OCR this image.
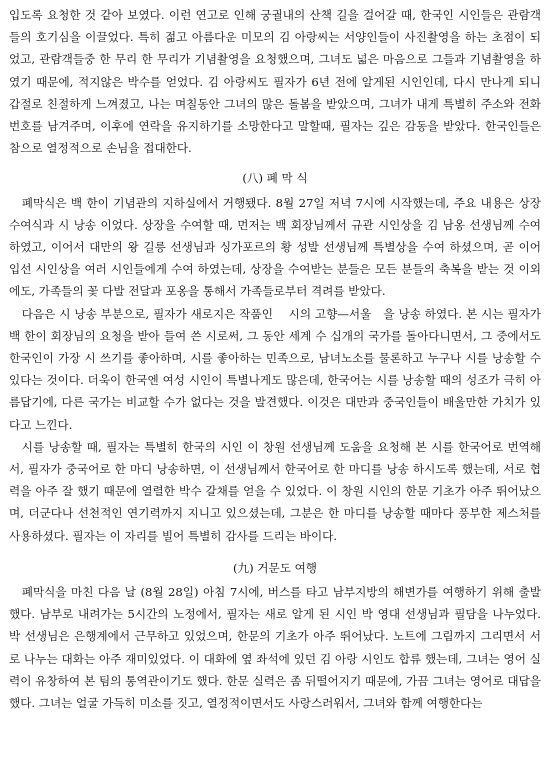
입도록 요청한 것 같아 보였다. 이런 연고로 인해 궁궐내의 산책 길을 걸어갈 때, 한국인 시인들은 관람객들의 호기심을 이끌었다. 특히 젊고 아름다운 미모의 김 아랑씨는 서양인들이 사진촬영을 하는 초점이 되었고, 관람객들중 한 무리 한 무리가 기념촬영을 요청했으며, 그녀도 넓은 마음으로 그들과 기념촬영을 하였기 때문에, 적지않은 박수를 얻었다. 김 아랑씨도 필자가 6년 전에 알게된 시인인데, 다시 만나게 되니 갑절로 친절하게 느껴졌고, 나는 며칠동안 그녀의 많은 돌봄을 받았으며, 그녀가 내게 특별히 주소와 전화번호를 남겨주며, 이후에 연락을 유지하기를 소망한다고 말할때, 필자는 깊은 감동을 받았다. 한국인들은 참으로 열정적으로 손님을 접대한다.

(八) 폐 막 식

폐막식은 백 한이 기념관의 지하실에서 거행됐다. 8월 27일 저녁 7시에 시작했는데, 주요 내용은 상장 수여식과 시 낭송 이었다. 상장을 수여할 때, 먼저는 백 회장님께서 규관 시인상을 김 남옹 선생님께 수여하였고, 이어서 대만의 왕 길릉 선생님과 싱가포르의 황 성발 선생님께 특별상을 수여 하셨으며, 곧 이어 입선 시인상을 여러 시인들에게 수여 하였는데, 상장을 수여받는 분들은 모든 분들의 축복을 받는 것 이외에도, 가족들의 꽃 다발 전달과 포옹을 통해서 가족들로부터 격려를 받았다.

다음은 시 낭송 부분으로, 필자가 새로지은 작품인 　시의 고향—서울　을 낭송 하였다. 본 시는 필자가 백 한이 회장님의 요청을 받아 들여 쓴 시로써, 그 동안 세계 수 십개의 국가를 돌아다니면서, 그 중에서도 한국인이 가장 시 쓰기를 좋아하며, 시를 좋아하는 민족으로, 남녀노소를 물론하고 누구나 시를 낭송할 수 있다는 것이다. 더욱이 한국엔 여성 시인이 특별나게도 많은데, 한국어는 시를 낭송할 때의 성조가 극히 아름답기에, 다른 국가는 비교할 수가 없다는 것을 발견했다. 이것은 대만과 중국인들이 배울만한 가치가 있다고 느낀다.

시를 낭송할 때, 필자는 특별히 한국의 시인 이 창원 선생님께 도움을 요청해 본 시를 한국어로 번역해서, 필자가 중국어로 한 마디 낭송하면, 이 선생님께서 한국어로 한 마디를 낭송 하시도록 했는데, 서로 협력을 아주 잘 했기 때문에 열렬한 박수 갈채를 얻을 수 있었다. 이 창원 시인의 한문 기초가 아주 뛰어났으며, 더군다나 선천적인 연기력까지 지니고 있으셨는데, 그분은 한 마디를 낭송할 때마다 풍부한 제스처를 사용하셨다. 필자는 이 자리를 빌어 특별히 감사를 드리는 바이다.

(九) 거문도 여행

폐막식을 마친 다음 날 (8월 28일) 아침 7시에, 버스를 타고 남부지방의 해변가를 여행하기 위해 출발했다. 남부로 내려가는 5시간의 노정에서, 필자는 새로 알게 된 시인 박 영대 선생님과 필담을 나누었다. 박 선생님은 은행계에서 근무하고 있었으며, 한문의 기초가 아주 뛰어났다. 노트에 그림까지 그리면서 서로 나누는 대화는 아주 재미있었다. 이 대화에 옆 좌석에 있던 김 아랑 시인도 합류 했는데, 그녀는 영어 실력이 유창하여 본 팀의 통역관이기도 했다. 한문 실력은 좀 뒤떨어지기 때문에, 가끔 그녀는 영어로 대답을 했다. 그녀는 얼굴 가득히 미소를 짓고, 열정적이면서도 사랑스러워서, 그녀와 함께 여행한다는
